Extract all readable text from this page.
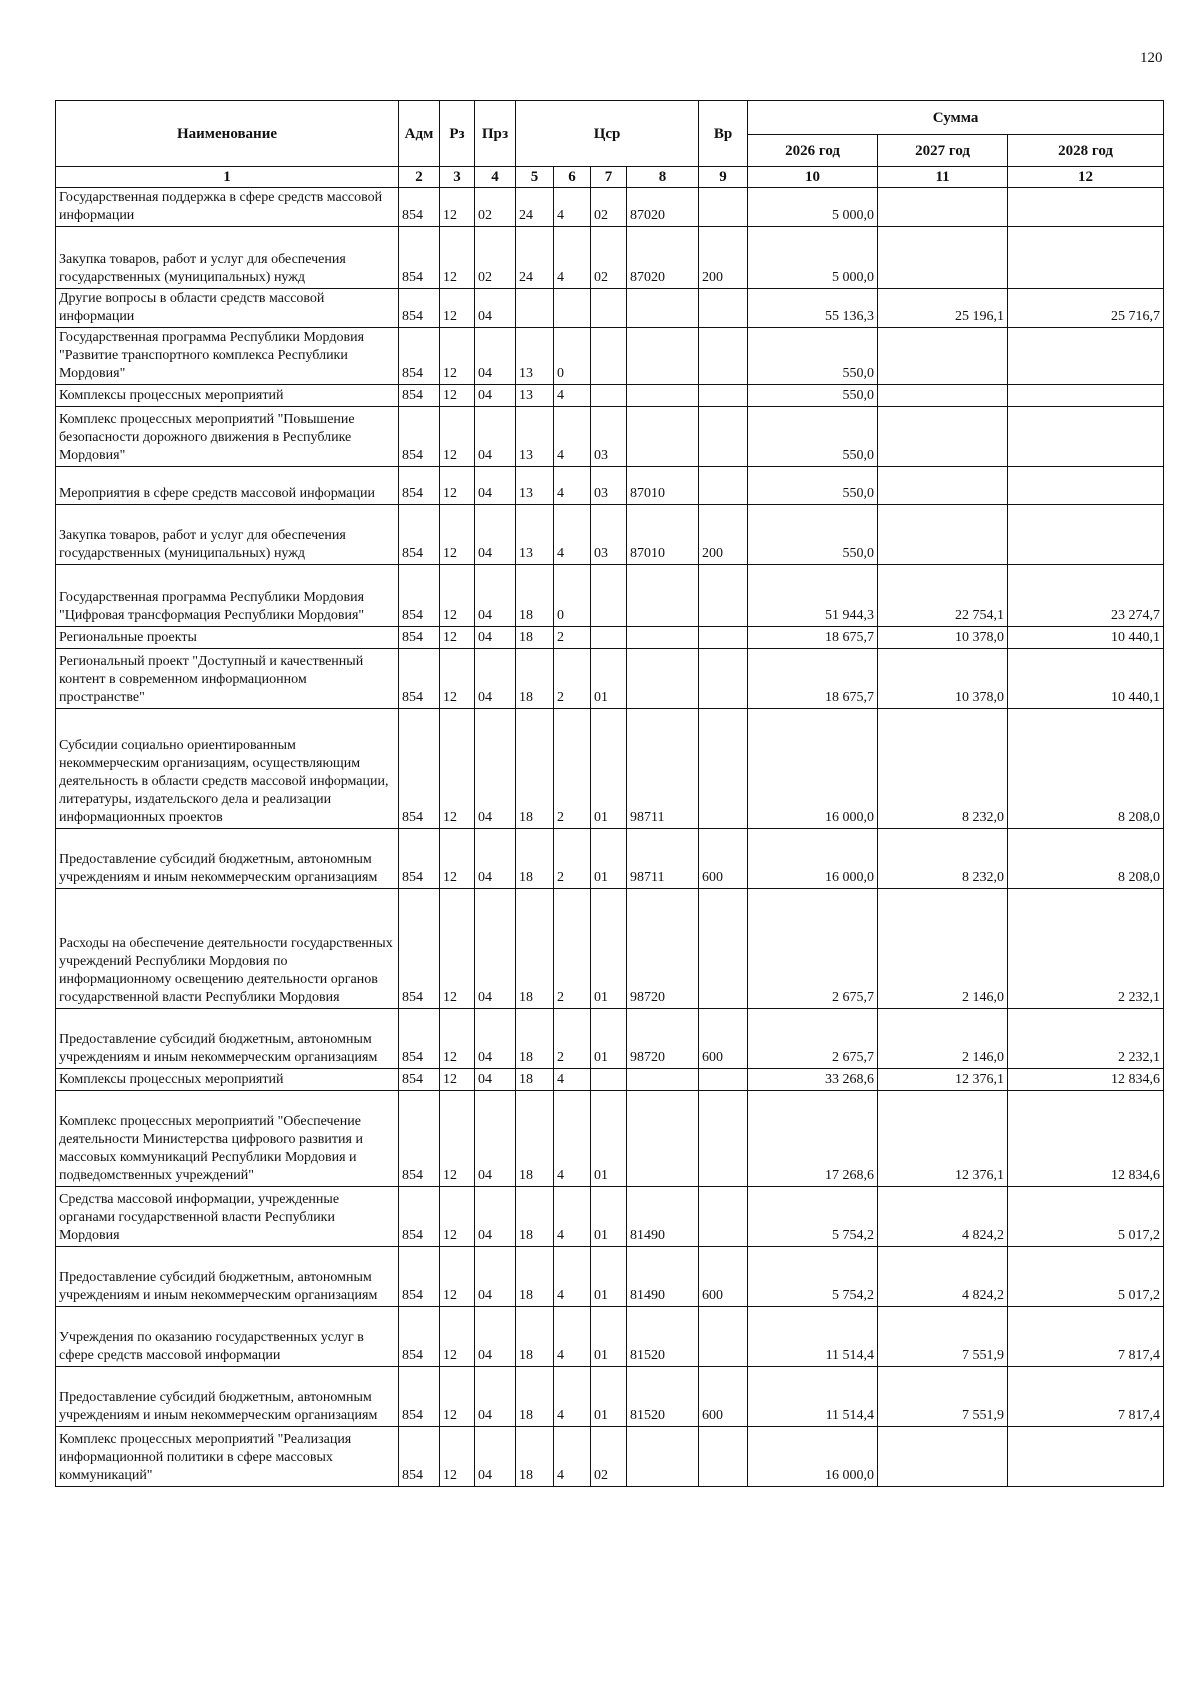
120
Наименование	Адм	Рз	Прз	Цср				Вр	Сумма		
									2026 год	2027 год	2028 год
1	2	3	4	5	6	7	8	9	10	11	12
Государственная поддержка в сфере средств массовой информации	854	12	02	24	4	02	87020		5 000,0		
Закупка товаров, работ и услуг для обеспечения государственных (муниципальных) нужд	854	12	02	24	4	02	87020	200	5 000,0		
Другие вопросы в области средств массовой информации	854	12	04						55 136,3	25 196,1	25 716,7
Государственная программа Республики Мордовия "Развитие транспортного комплекса Республики Мордовия"	854	12	04	13	0				550,0		
Комплексы процессных мероприятий	854	12	04	13	4				550,0		
Комплекс процессных мероприятий "Повышение безопасности дорожного движения в Республике Мордовия"	854	12	04	13	4	03			550,0		
Мероприятия в сфере средств массовой информации	854	12	04	13	4	03	87010		550,0		
Закупка товаров, работ и услуг для обеспечения государственных (муниципальных) нужд	854	12	04	13	4	03	87010	200	550,0		
Государственная программа Республики Мордовия "Цифровая трансформация Республики Мордовия"	854	12	04	18	0				51 944,3	22 754,1	23 274,7
Региональные проекты	854	12	04	18	2				18 675,7	10 378,0	10 440,1
Региональный проект "Доступный и качественный контент в современном информационном пространстве"	854	12	04	18	2	01			18 675,7	10 378,0	10 440,1
Субсидии социально ориентированным некоммерческим организациям, осуществляющим деятельность в области средств массовой информации, литературы, издательского дела и реализации информационных проектов	854	12	04	18	2	01	98711		16 000,0	8 232,0	8 208,0
Предоставление субсидий бюджетным, автономным учреждениям и иным некоммерческим организациям	854	12	04	18	2	01	98711	600	16 000,0	8 232,0	8 208,0
Расходы на обеспечение деятельности государственных учреждений Республики Мордовия по информационному освещению деятельности органов государственной власти Республики Мордовия	854	12	04	18	2	01	98720		2 675,7	2 146,0	2 232,1
Предоставление субсидий бюджетным, автономным учреждениям и иным некоммерческим организациям	854	12	04	18	2	01	98720	600	2 675,7	2 146,0	2 232,1
Комплексы процессных мероприятий	854	12	04	18	4				33 268,6	12 376,1	12 834,6
Комплекс процессных мероприятий "Обеспечение деятельности Министерства цифрового развития и массовых коммуникаций Республики Мордовия и подведомственных учреждений"	854	12	04	18	4	01			17 268,6	12 376,1	12 834,6
Средства массовой информации, учрежденные органами государственной власти Республики Мордовия	854	12	04	18	4	01	81490		5 754,2	4 824,2	5 017,2
Предоставление субсидий бюджетным, автономным учреждениям и иным некоммерческим организациям	854	12	04	18	4	01	81490	600	5 754,2	4 824,2	5 017,2
Учреждения по оказанию государственных услуг в сфере средств массовой информации	854	12	04	18	4	01	81520		11 514,4	7 551,9	7 817,4
Предоставление субсидий бюджетным, автономным учреждениям и иным некоммерческим организациям	854	12	04	18	4	01	81520	600	11 514,4	7 551,9	7 817,4
Комплекс процессных мероприятий "Реализация информационной политики в сфере массовых коммуникаций"	854	12	04	18	4	02			16 000,0		
